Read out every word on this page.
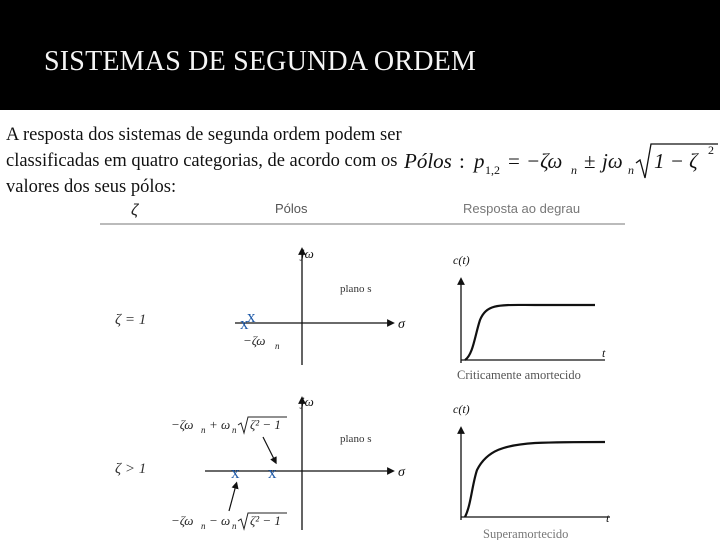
SISTEMAS DE SEGUNDA ORDEM
A resposta dos sistemas de segunda ordem podem ser classificadas em quatro categorias, de acordo com os valores dos seus pólos:
Pólos : p 1,2 = −ζω n ± jω n 1 − ζ 2
ζ	Pólos	Resposta ao degrau
ζ = 1
jω
plano s
σ
x
x
−ζω n
c(t)
t
Criticamente amortecido
ζ > 1
jω
plano s
σ
x x
−ζω n + ω n ζ² − 1
−ζω n − ω n ζ² − 1
c(t)
t
Superamortecido
